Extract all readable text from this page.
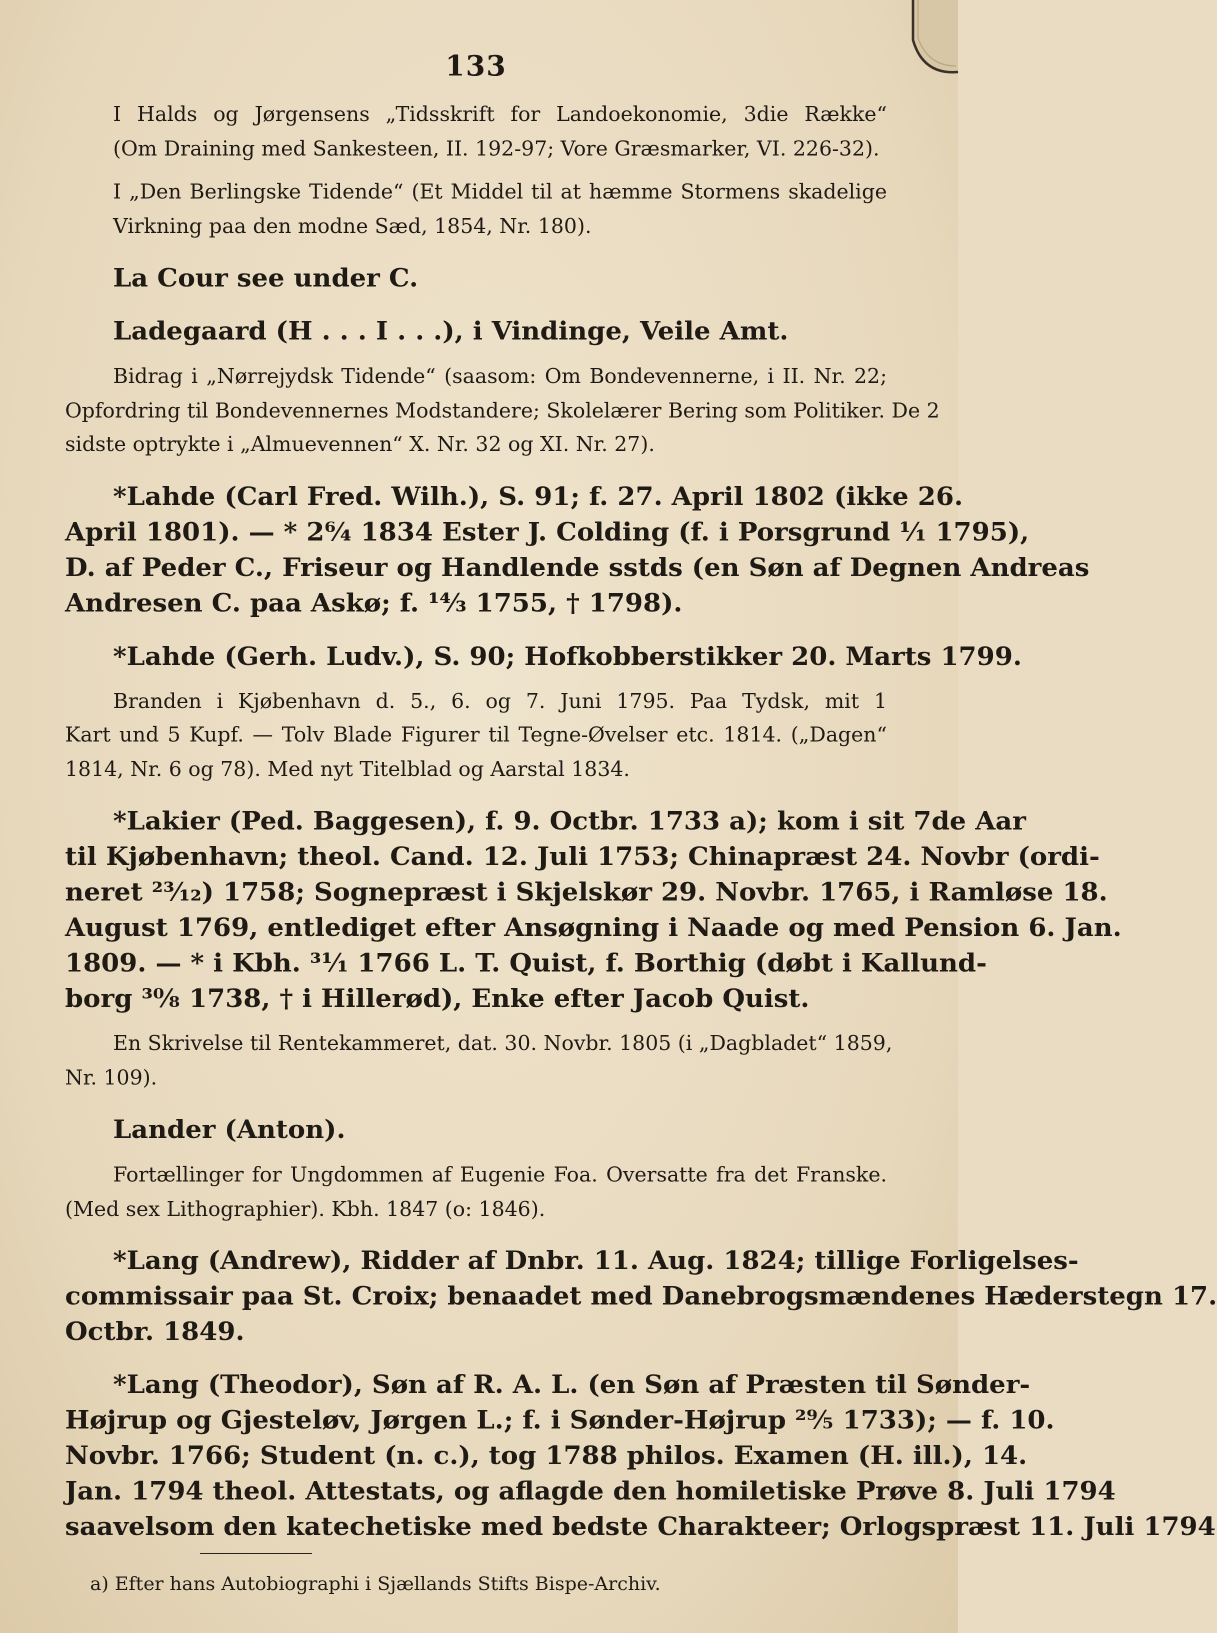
133
I Halds og Jørgensens „Tidsskrift for Landoekonomie, 3die Række“
(Om Draining med Sankesteen, II. 192-97; Vore Græsmarker, VI. 226-32).
I „Den Berlingske Tidende“ (Et Middel til at hæmme Stormens skadelige
Virkning paa den modne Sæd, 1854, Nr. 180).
La Cour see under C.
Ladegaard (H . . . I . . .), i Vindinge, Veile Amt.
Bidrag i „Nørrejydsk Tidende“ (saasom: Om Bondevennerne, i II. Nr. 22;
Opfordring til Bondevennernes Modstandere; Skolelærer Bering som Politiker. De 2
sidste optrykte i „Almuevennen“ X. Nr. 32 og XI. Nr. 27).
*Lahde (Carl Fred. Wilh.), S. 91; f. 27. April 1802 (ikke 26.
April 1801). — * 2⁶⁄₄ 1834 Ester J. Colding (f. i Porsgrund ¹⁄₁ 1795),
D. af Peder C., Friseur og Handlende sstds (en Søn af Degnen Andreas
Andresen C. paa Askø; f. ¹⁴⁄₃ 1755, † 1798).
*Lahde (Gerh. Ludv.), S. 90; Hofkobberstikker 20. Marts 1799.
Branden i Kjøbenhavn d. 5., 6. og 7. Juni 1795. Paa Tydsk, mit 1
Kart und 5 Kupf. — Tolv Blade Figurer til Tegne-Øvelser etc. 1814. („Dagen“
1814, Nr. 6 og 78). Med nyt Titelblad og Aarstal 1834.
*Lakier (Ped. Baggesen), f. 9. Octbr. 1733 a); kom i sit 7de Aar
til Kjøbenhavn; theol. Cand. 12. Juli 1753; Chinapræst 24. Novbr (ordi-
neret ²³⁄₁₂) 1758; Sognepræst i Skjelskør 29. Novbr. 1765, i Ramløse 18.
August 1769, entlediget efter Ansøgning i Naade og med Pension 6. Jan.
1809. — * i Kbh. ³¹⁄₁ 1766 L. T. Quist, f. Borthig (døbt i Kallund-
borg ³⁰⁄₈ 1738, † i Hillerød), Enke efter Jacob Quist.
En Skrivelse til Rentekammeret, dat. 30. Novbr. 1805 (i „Dagbladet“ 1859,
Nr. 109).
Lander (Anton).
Fortællinger for Ungdommen af Eugenie Foa. Oversatte fra det Franske.
(Med sex Lithographier). Kbh. 1847 (o: 1846).
*Lang (Andrew), Ridder af Dnbr. 11. Aug. 1824; tillige Forligelses-
commissair paa St. Croix; benaadet med Danebrogsmændenes Hæderstegn 17.
Octbr. 1849.
*Lang (Theodor), Søn af R. A. L. (en Søn af Præsten til Sønder-
Højrup og Gjesteløv, Jørgen L.; f. i Sønder-Højrup ²⁹⁄₅ 1733); — f. 10.
Novbr. 1766; Student (n. c.), tog 1788 philos. Examen (H. ill.), 14.
Jan. 1794 theol. Attestats, og aflagde den homiletiske Prøve 8. Juli 1794
saavelsom den katechetiske med bedste Charakteer; Orlogspræst 11. Juli 1794
a) Efter hans Autobiographi i Sjællands Stifts Bispe-Archiv.
